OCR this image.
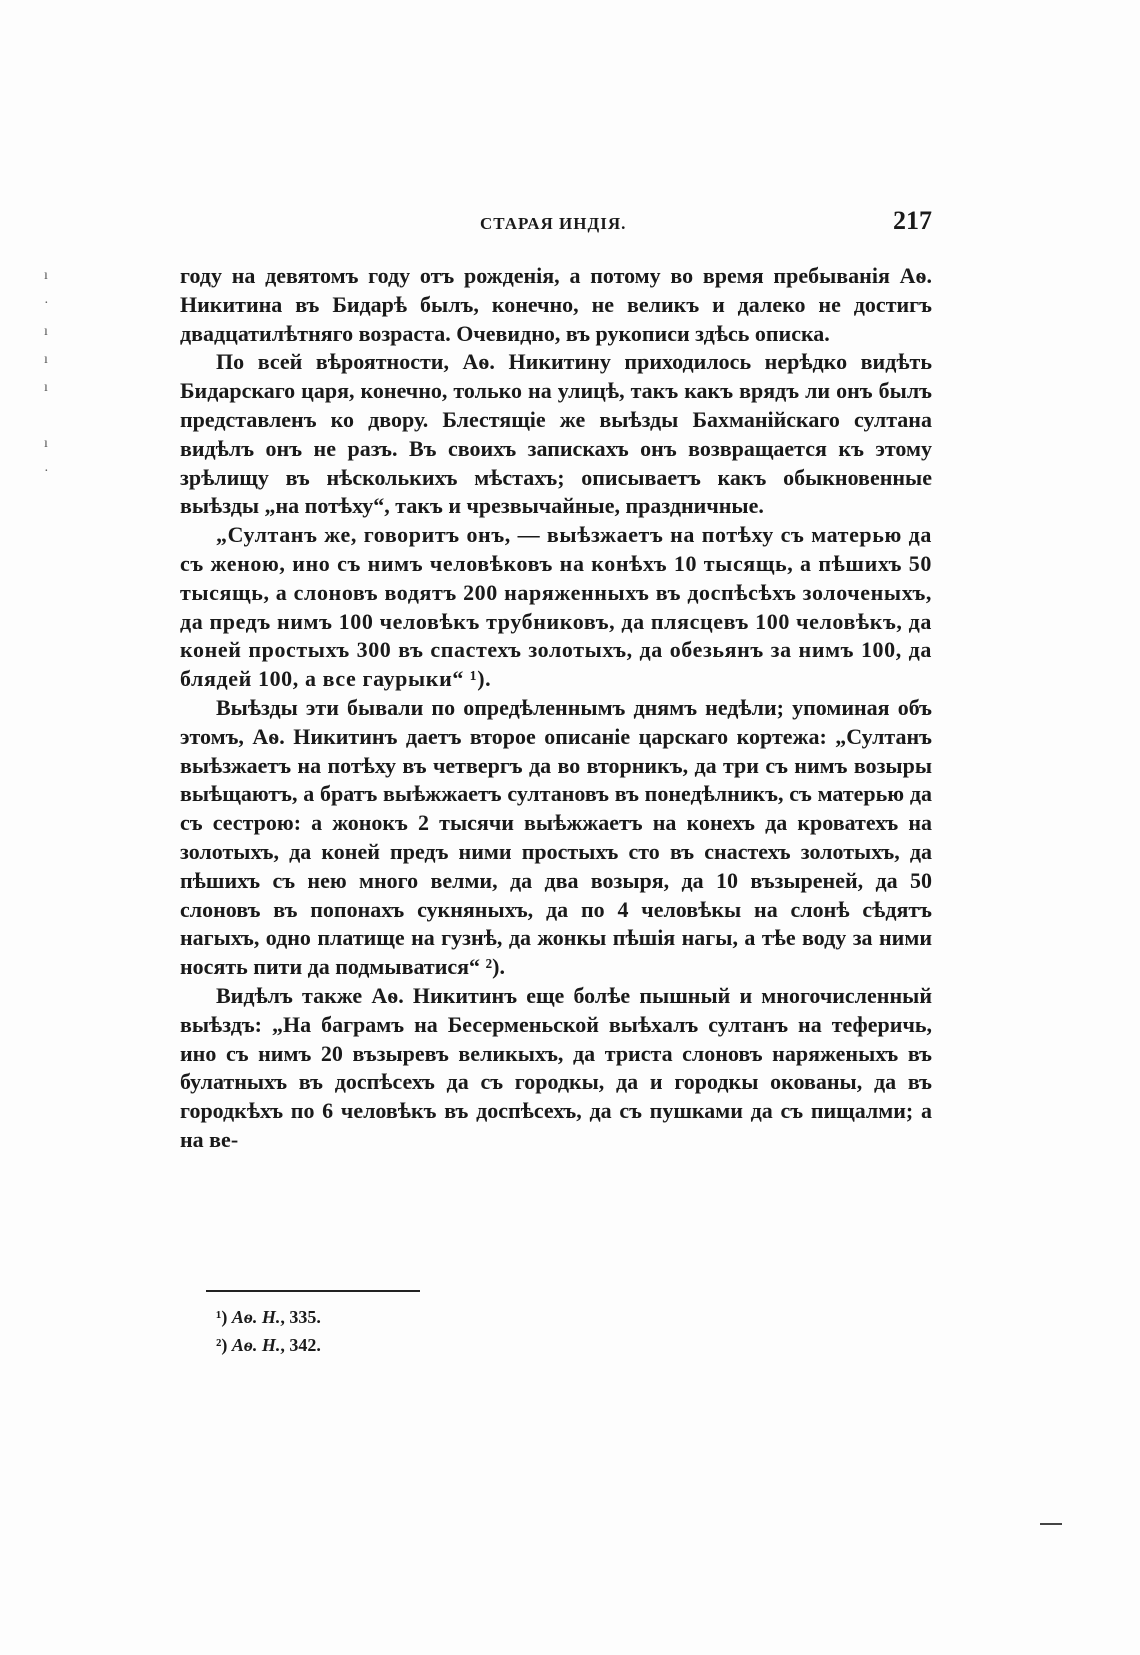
ı
·
ı
ı
ı

ı
·
СТАРАЯ ИНДІЯ.	217

году на девятомъ году отъ рожденія, а потому во время пребыванія Аѳ. Никитина въ Бидарѣ былъ, конечно, не великъ и далеко не достигъ двадцатилѣтняго возраста. Очевидно, въ рукописи здѣсь описка.

По всей вѣроятности, Аѳ. Никитину приходилось нерѣдко видѣть Бидарскаго царя, конечно, только на улицѣ, такъ какъ врядъ ли онъ былъ представленъ ко двору. Блестящіе же выѣзды Бахманійскаго султана видѣлъ онъ не разъ. Въ своихъ запискахъ онъ возвращается къ этому зрѣлищу въ нѣсколькихъ мѣстахъ; описываетъ какъ обыкновенные выѣзды „на потѣху“, такъ и чрезвычайные, праздничные.

„Султанъ же, говоритъ онъ, — выѣзжаетъ на потѣху съ матерью да съ женою, ино съ нимъ человѣковъ на конѣхъ 10 тысящь, а пѣшихъ 50 тысящь, а слоновъ водятъ 200 наряженныхъ въ доспѣсѣхъ золоченыхъ, да предъ нимъ 100 человѣкъ трубниковъ, да плясцевъ 100 человѣкъ, да коней простыхъ 300 въ спастехъ золотыхъ, да обезьянъ за нимъ 100, да блядей 100, а все гаурыки“ ¹).

Выѣзды эти бывали по опредѣленнымъ днямъ недѣли; упоминая объ этомъ, Аѳ. Никитинъ даетъ второе описаніе царскаго кортежа: „Султанъ выѣзжаетъ на потѣху въ четвергъ да во вторникъ, да три съ нимъ возыры выѣщаютъ, а братъ выѣжжаетъ султановъ въ понедѣлникъ, съ матерью да съ сестрою: а жонокъ 2 тысячи выѣжжаетъ на конехъ да кроватехъ на золотыхъ, да коней предъ ними простыхъ сто въ снастехъ золотыхъ, да пѣшихъ съ нею много велми, да два возыря, да 10 възыреней, да 50 слоновъ въ попонахъ сукняныхъ, да по 4 человѣкы на слонѣ сѣдятъ нагыхъ, одно платище на гузнѣ, да жонкы пѣшія нагы, а тѣе воду за ними носять пити да подмыватися“ ²).

Видѣлъ также Аѳ. Никитинъ еще болѣе пышный и многочисленный выѣздъ: „На баграмъ на Бесерменьской выѣхалъ султанъ на теферичь, ино съ нимъ 20 възыревъ великыхъ, да триста слоновъ наряженыхъ въ булатныхъ въ доспѣсехъ да съ городкы, да и городкы окованы, да въ городкѣхъ по 6 человѣкъ въ доспѣсехъ, да съ пушками да съ пищалми; а на ве-

¹) Аѳ. Н., 335.
²) Аѳ. Н., 342.
